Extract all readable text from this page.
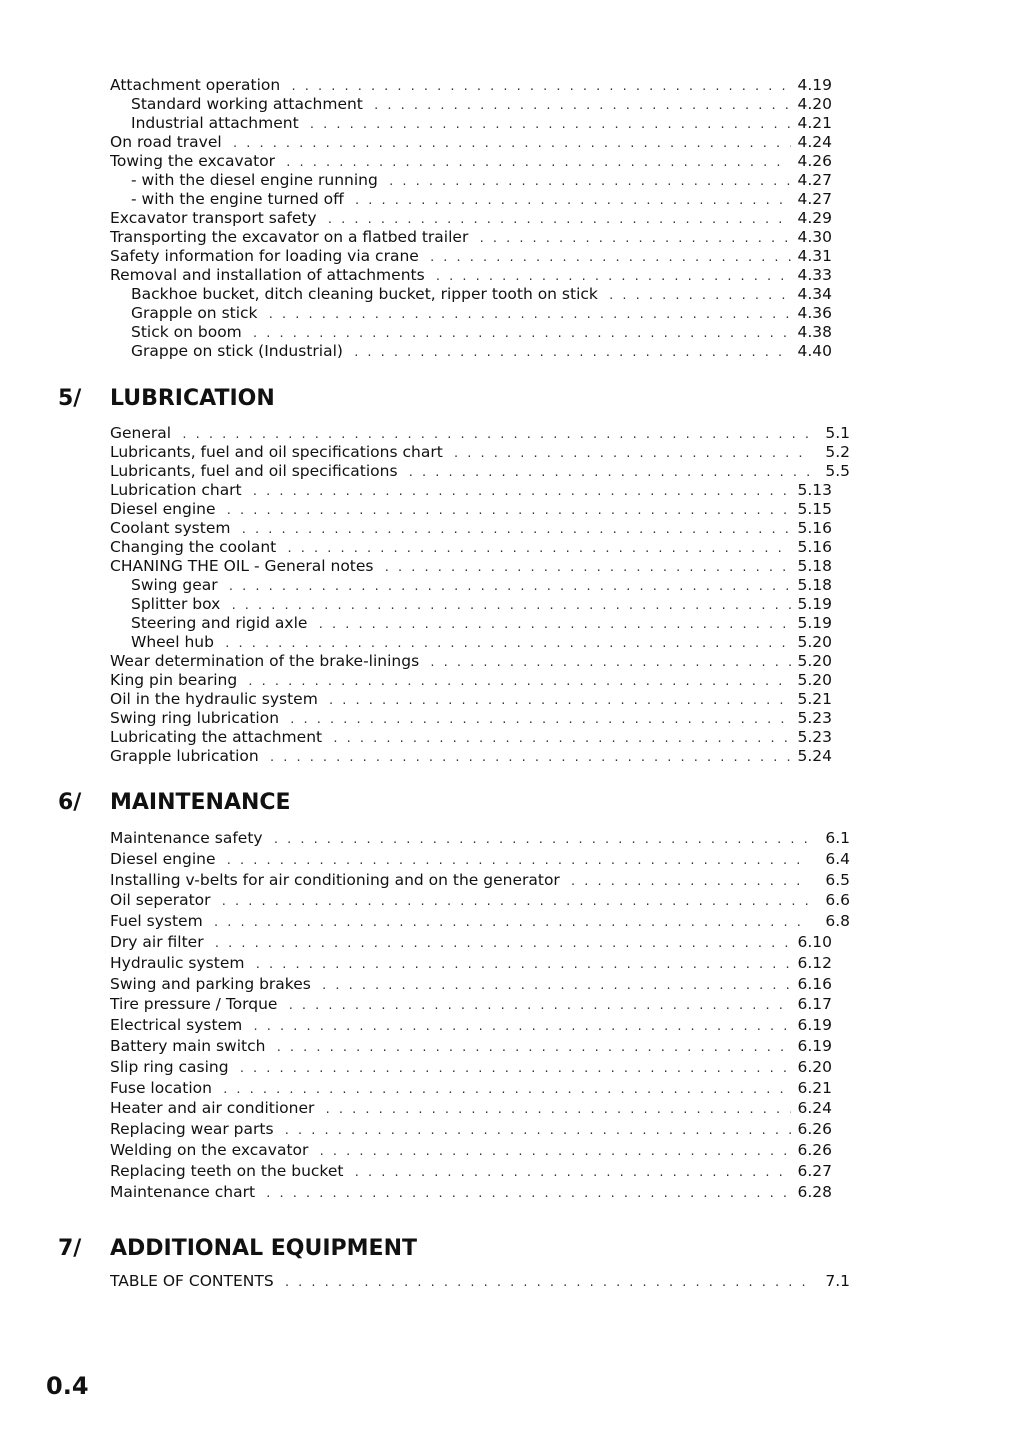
Attachment operation . . .	4.19
Standard working attachment . . .	4.20
Industrial attachment . . .	4.21
On road travel . . .	4.24
Towing the excavator . . .	4.26
- with the diesel engine running . . .	4.27
- with the engine turned off . . .	4.27
Excavator transport safety . . .	4.29
Transporting the excavator on a flatbed trailer . . .	4.30
Safety information for loading via crane . . .	4.31
Removal and installation of attachments . . .	4.33
Backhoe bucket, ditch cleaning bucket, ripper tooth on stick . . .	4.34
Grapple on stick . . .	4.36
Stick on boom . . .	4.38
Grappe on stick (Industrial) . . .	4.40
5/ LUBRICATION
General . . .	5.1
Lubricants, fuel and oil specifications chart . . .	5.2
Lubricants, fuel and oil specifications . . .	5.5
Lubrication chart . . .	5.13
Diesel engine . . .	5.15
Coolant system . . .	5.16
Changing the coolant . . .	5.16
CHANING THE OIL - General notes . . .	5.18
Swing gear . . .	5.18
Splitter box . . .	5.19
Steering and rigid axle . . .	5.19
Wheel hub . . .	5.20
Wear determination of the brake-linings . . .	5.20
King pin bearing . . .	5.20
Oil in the hydraulic system . . .	5.21
Swing ring lubrication . . .	5.23
Lubricating the attachment . . .	5.23
Grapple lubrication . . .	5.24
6/ MAINTENANCE
Maintenance safety . . .	6.1
Diesel engine . . .	6.4
Installing v-belts for air conditioning and on the generator . . .	6.5
Oil seperator . . .	6.6
Fuel system . . .	6.8
Dry air filter . . .	6.10
Hydraulic system . . .	6.12
Swing and parking brakes . . .	6.16
Tire pressure / Torque . . .	6.17
Electrical system . . .	6.19
Battery main switch . . .	6.19
Slip ring casing . . .	6.20
Fuse location . . .	6.21
Heater and air conditioner . . .	6.24
Replacing wear parts . . .	6.26
Welding on the excavator . . .	6.26
Replacing teeth on the bucket . . .	6.27
Maintenance chart . . .	6.28
7/ ADDITIONAL EQUIPMENT
TABLE OF CONTENTS . . .	7.1
0.4
